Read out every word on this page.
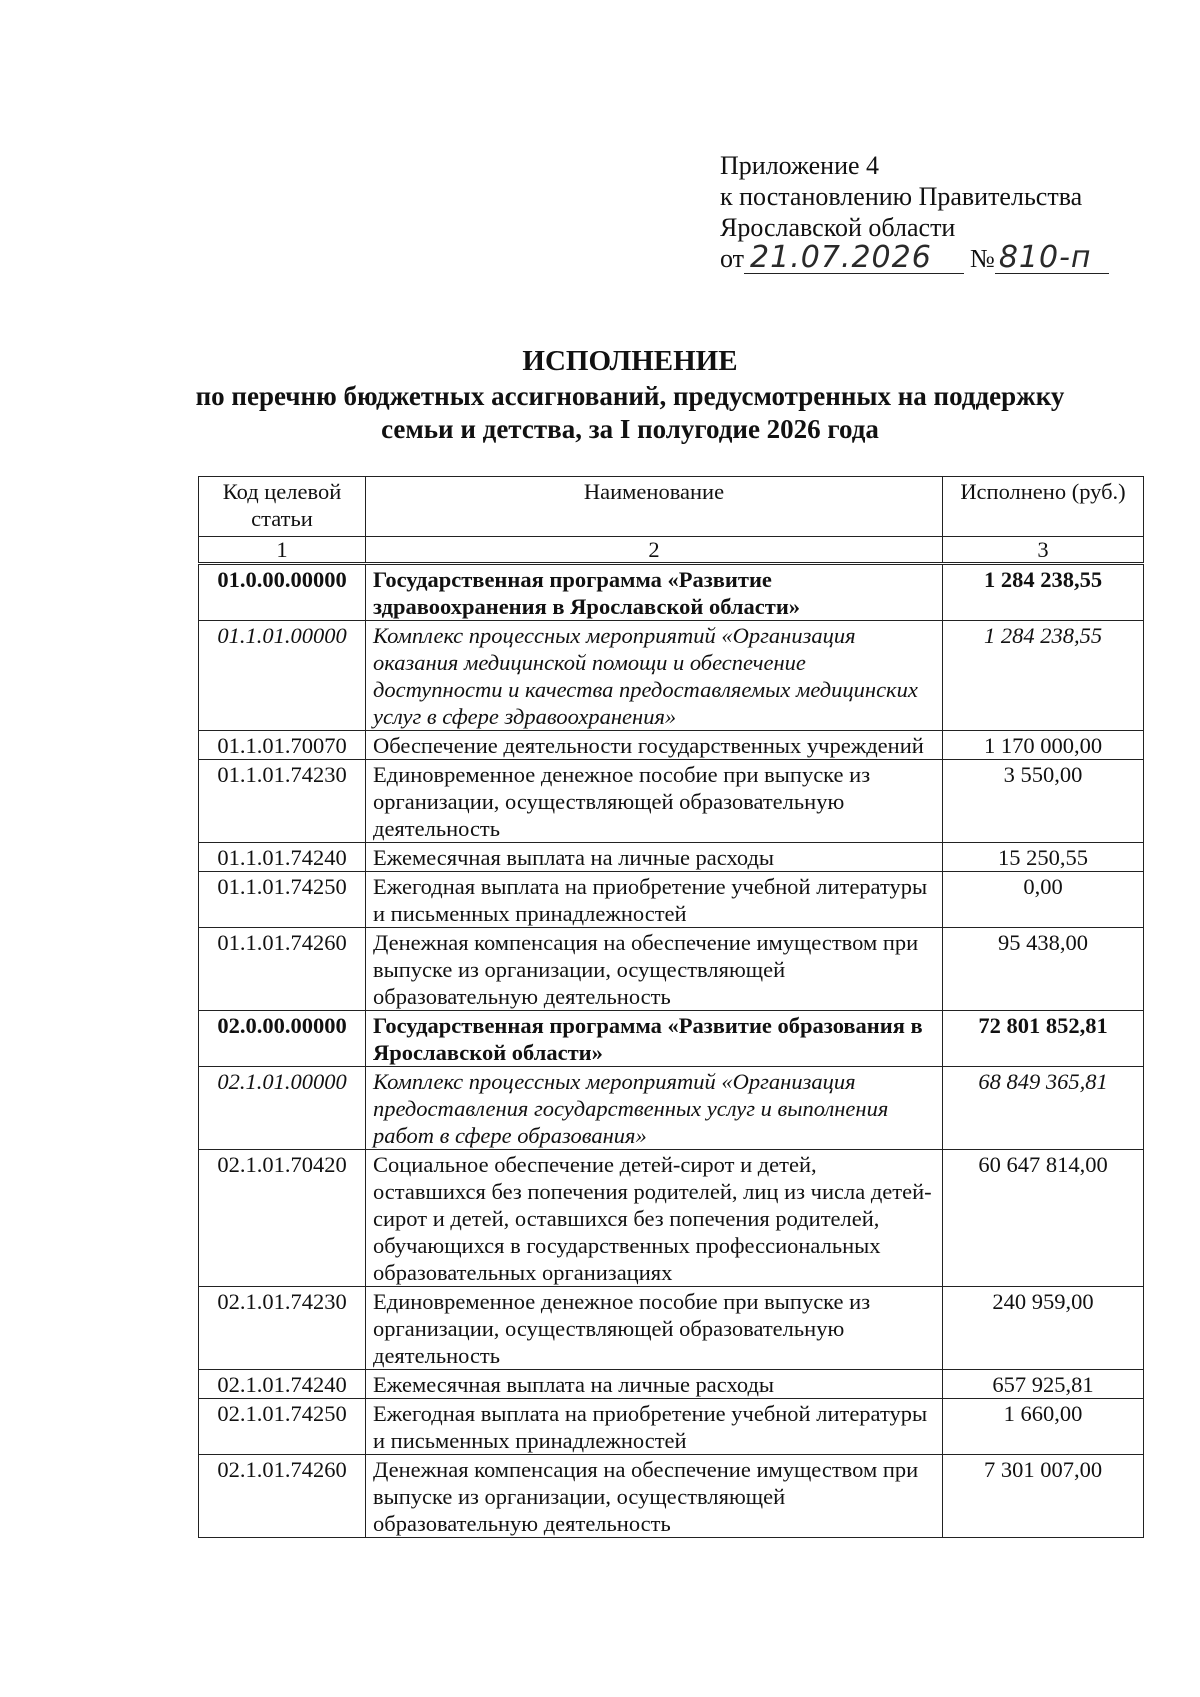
Приложение 4
к постановлению Правительства
Ярославской области
от 21.07.2026	№ 810-п
ИСПОЛНЕНИЕ
по перечню бюджетных ассигнований, предусмотренных на поддержку
семьи и детства, за I полугодие 2026 года
Код целевой статьи	Наименование	Исполнено (руб.)
1	2	3
01.0.00.00000	Государственная программа «Развитие здравоохранения в Ярославской области»	1 284 238,55
01.1.01.00000	Комплекс процессных мероприятий «Организация оказания медицинской помощи и обеспечение доступности и качества предоставляемых медицинских услуг в сфере здравоохранения»	1 284 238,55
01.1.01.70070	Обеспечение деятельности государственных учреждений	1 170 000,00
01.1.01.74230	Единовременное денежное пособие при выпуске из организации, осуществляющей образовательную деятельность	3 550,00
01.1.01.74240	Ежемесячная выплата на личные расходы	15 250,55
01.1.01.74250	Ежегодная выплата на приобретение учебной литературы и письменных принадлежностей	0,00
01.1.01.74260	Денежная компенсация на обеспечение имуществом при выпуске из организации, осуществляющей образовательную деятельность	95 438,00
02.0.00.00000	Государственная программа «Развитие образования в Ярославской области»	72 801 852,81
02.1.01.00000	Комплекс процессных мероприятий «Организация предоставления государственных услуг и выполнения работ в сфере образования»	68 849 365,81
02.1.01.70420	Социальное обеспечение детей-сирот и детей, оставшихся без попечения родителей, лиц из числа детей-сирот и детей, оставшихся без попечения родителей, обучающихся в государственных профессиональных образовательных организациях	60 647 814,00
02.1.01.74230	Единовременное денежное пособие при выпуске из организации, осуществляющей образовательную деятельность	240 959,00
02.1.01.74240	Ежемесячная выплата на личные расходы	657 925,81
02.1.01.74250	Ежегодная выплата на приобретение учебной литературы и письменных принадлежностей	1 660,00
02.1.01.74260	Денежная компенсация на обеспечение имуществом при выпуске из организации, осуществляющей образовательную деятельность	7 301 007,00
